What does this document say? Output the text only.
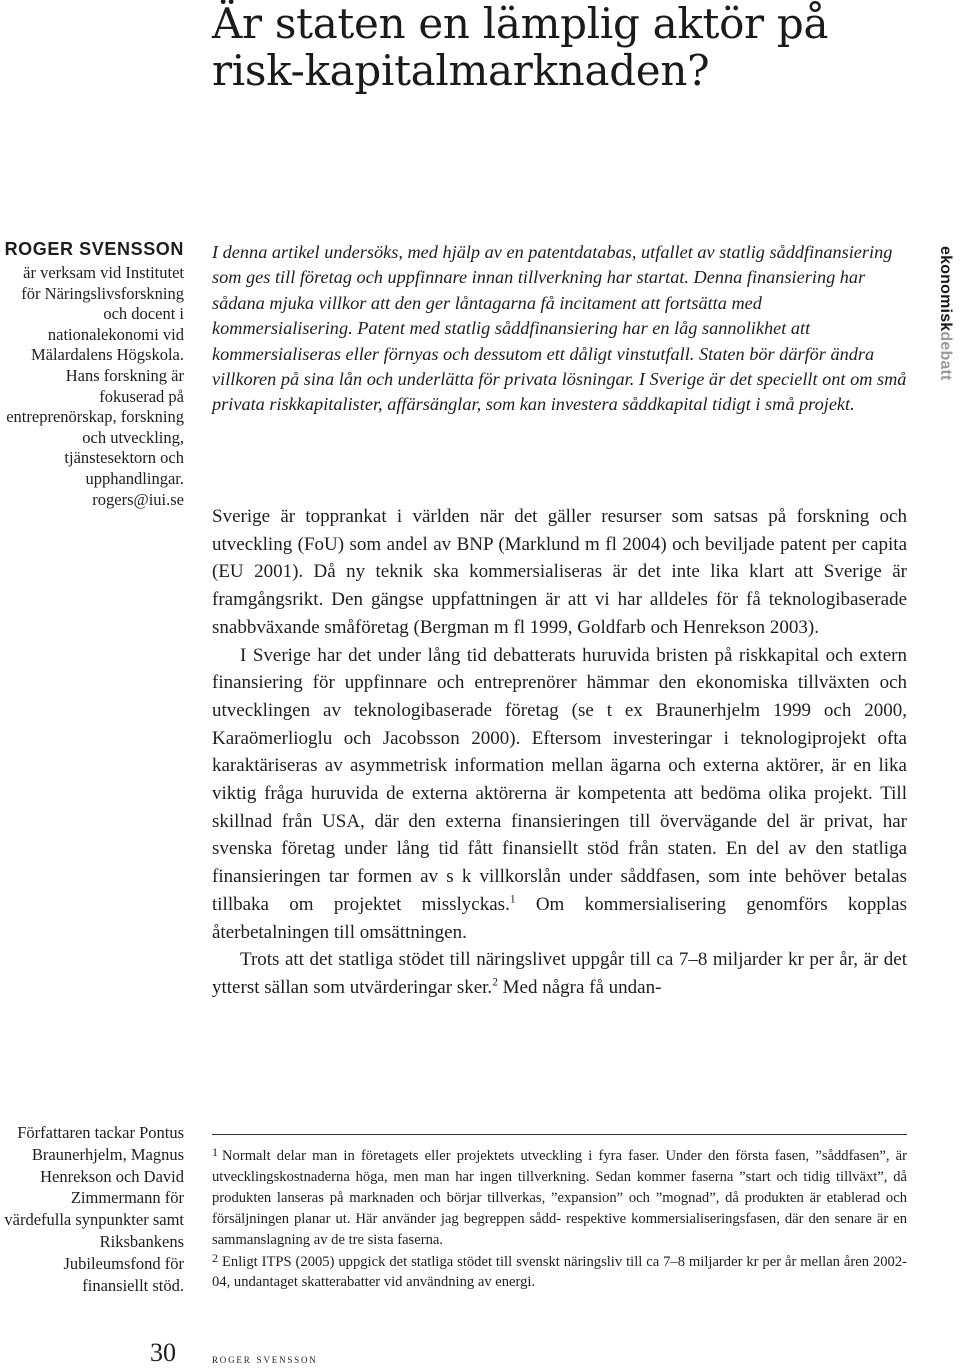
Är staten en lämplig aktör på risk-kapitalmarknaden?
ROGER SVENSSON
är verksam vid Institutet för Näringslivsforskning och docent i nationalekonomi vid Mälardalens Högskola. Hans forskning är fokuserad på entreprenörskap, forskning och utveckling, tjänstesektorn och upphandlingar.
rogers@iui.se
Författaren tackar Pontus Braunerhjelm, Magnus Henrekson och David Zimmermann för värdefulla synpunkter samt Riksbankens Jubileumsfond för finansiellt stöd.

I denna artikel undersöks, med hjälp av en patentdatabas, utfallet av statlig såddfinansiering som ges till företag och uppfinnare innan tillverkning har startat. Denna finansiering har sådana mjuka villkor att den ger låntagarna få incitament att fortsätta med kommersialisering. Patent med statlig såddfinansiering har en låg sannolikhet att kommersialiseras eller förnyas och dessutom ett dåligt vinstutfall. Staten bör därför ändra villkoren på sina lån och underlätta för privata lösningar. I Sverige är det speciellt ont om små privata riskkapitalister, affärsänglar, som kan investera såddkapital tidigt i små projekt.

Sverige är topprankat i världen när det gäller resurser som satsas på forskning och utveckling (FoU) som andel av BNP (Marklund m fl 2004) och beviljade patent per capita (EU 2001). Då ny teknik ska kommersialiseras är det inte lika klart att Sverige är framgångsrikt. Den gängse uppfattningen är att vi har alldeles för få teknologibaserade snabbväxande småföretag (Bergman m fl 1999, Goldfarb och Henrekson 2003).

I Sverige har det under lång tid debatterats huruvida bristen på riskkapital och extern finansiering för uppfinnare och entreprenörer hämmar den ekonomiska tillväxten och utvecklingen av teknologibaserade företag (se t ex Braunerhjelm 1999 och 2000, Karaömerlioglu och Jacobsson 2000). Eftersom investeringar i teknologiprojekt ofta karaktäriseras av asymmetrisk information mellan ägarna och externa aktörer, är en lika viktig fråga huruvida de externa aktörerna är kompetenta att bedöma olika projekt. Till skillnad från USA, där den externa finansieringen till övervägande del är privat, har svenska företag under lång tid fått finansiellt stöd från staten. En del av den statliga finansieringen tar formen av s k villkorslån under såddfasen, som inte behöver betalas tillbaka om projektet misslyckas.$^1$ Om kommersialisering genomförs kopplas återbetalningen till omsättningen.

Trots att det statliga stödet till näringslivet uppgår till ca 7–8 miljarder kr per år, är det ytterst sällan som utvärderingar sker.$^2$ Med några få undan-

$^1$ Normalt delar man in företagets eller projektets utveckling i fyra faser. Under den första fasen, ”såddfasen”, är utvecklingskostnaderna höga, men man har ingen tillverkning. Sedan kommer faserna ”start och tidig tillväxt”, då produkten lanseras på marknaden och börjar tillverkas, ”expansion” och ”mognad”, då produkten är etablerad och försäljningen planar ut. Här använder jag begreppen sådd- respektive kommersialiseringsfasen, där den senare är en sammanslagning av de tre sista faserna.

$^2$ Enligt ITPS (2005) uppgick det statliga stödet till svenskt näringsliv till ca 7–8 miljarder kr per år mellan åren 2002-04, undantaget skatterabatter vid användning av energi.

ekonomiskdebatt
30	roger svensson
